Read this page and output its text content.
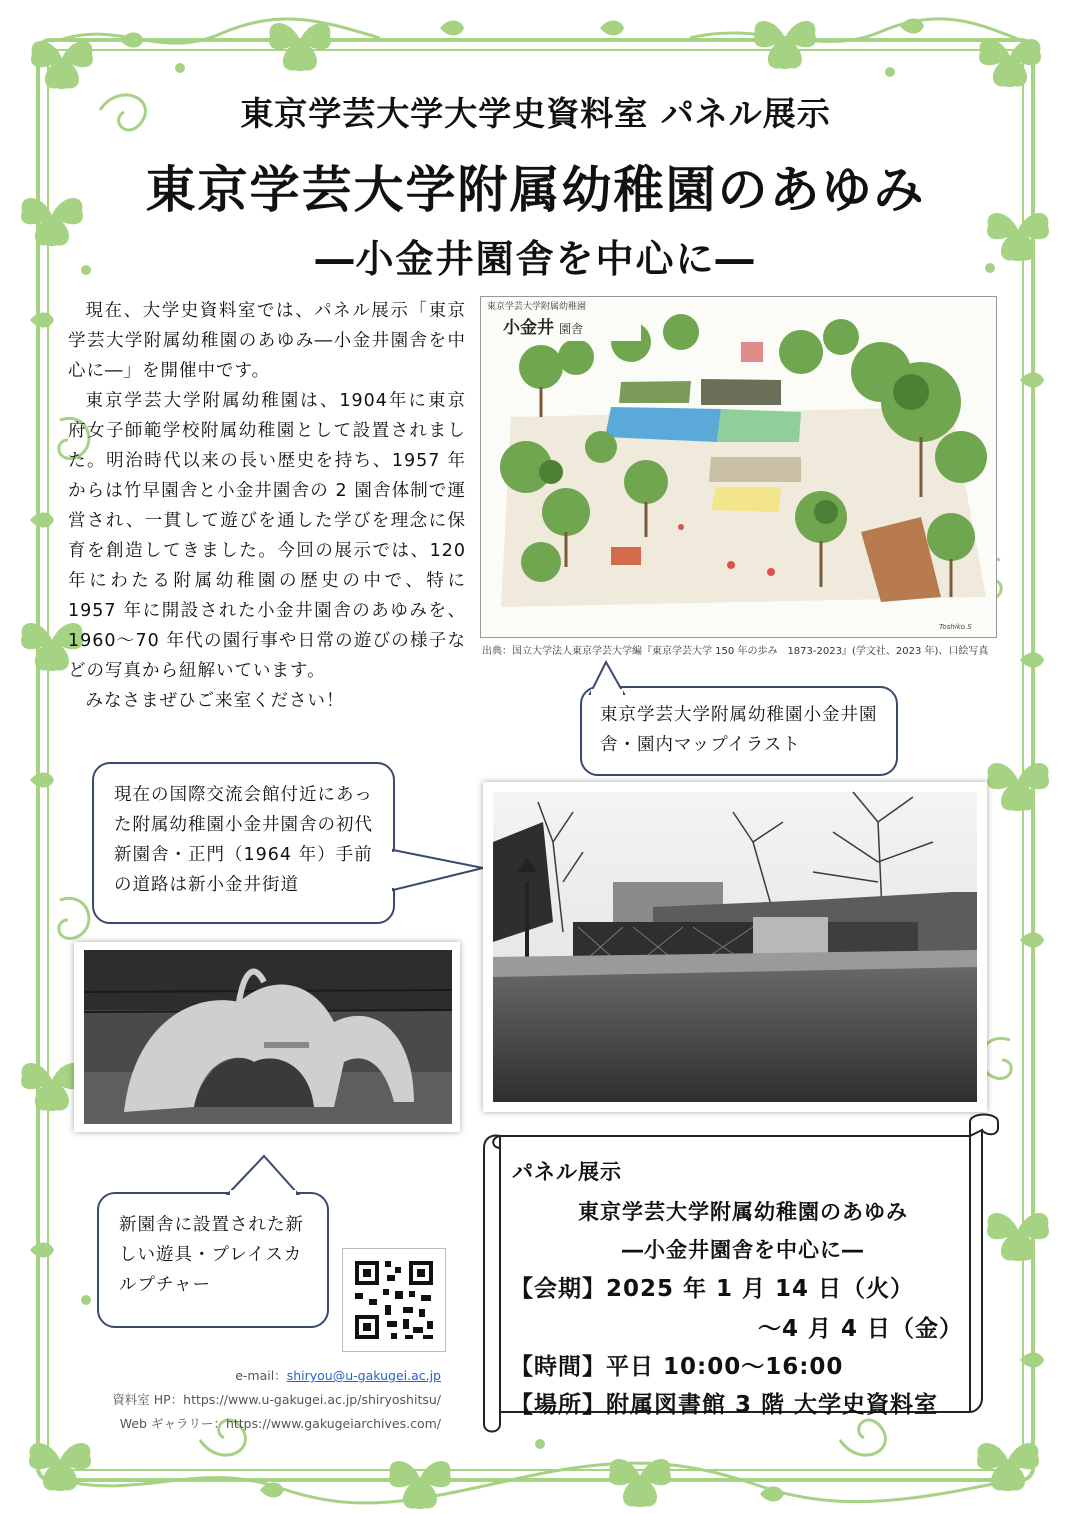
東京学芸大学大学史資料室 パネル展示
東京学芸大学附属幼稚園のあゆみ
―小金井園舎を中心に―

現在、大学史資料室では、パネル展示「東京学芸大学附属幼稚園のあゆみ―小金井園舎を中心に―」を開催中です。

東京学芸大学附属幼稚園は、1904年に東京府女子師範学校附属幼稚園として設置されました。明治時代以来の長い歴史を持ち、1957 年からは竹早園舎と小金井園舎の 2 園舎体制で運営され、一貫して遊びを通した学びを理念に保育を創造してきました。今回の展示では、120 年にわたる附属幼稚園の歴史の中で、特に 1957 年に開設された小金井園舎のあゆみを、1960～70 年代の園行事や日常の遊びの様子などの写真から紐解いています。

みなさまぜひご来室ください！

東京学芸大学附属幼稚園
小金井 園舎
Toshiko.S
出典：国立大学法人東京学芸大学編『東京学芸大学 150 年の歩み　1873-2023』(学文社、2023 年)、口絵写真
東京学芸大学附属幼稚園小金井園舎・園内マップイラスト
現在の国際交流会館付近にあった附属幼稚園小金井園舎の初代新園舎・正門（1964 年）手前の道路は新小金井街道
新園舎に設置された新しい遊具・プレイスカルプチャー
e-mail：shiryou@u-gakugei.ac.jp
資料室 HP：https://www.u-gakugei.ac.jp/shiryoshitsu/
Web ギャラリー：https://www.gakugeiarchives.com/
パネル展示
東京学芸大学附属幼稚園のあゆみ
―小金井園舎を中心に―
【会期】2025 年 1 月 14 日（火）
～4 月 4 日（金）
【時間】平日 10:00～16:00
【場所】附属図書館 3 階 大学史資料室
